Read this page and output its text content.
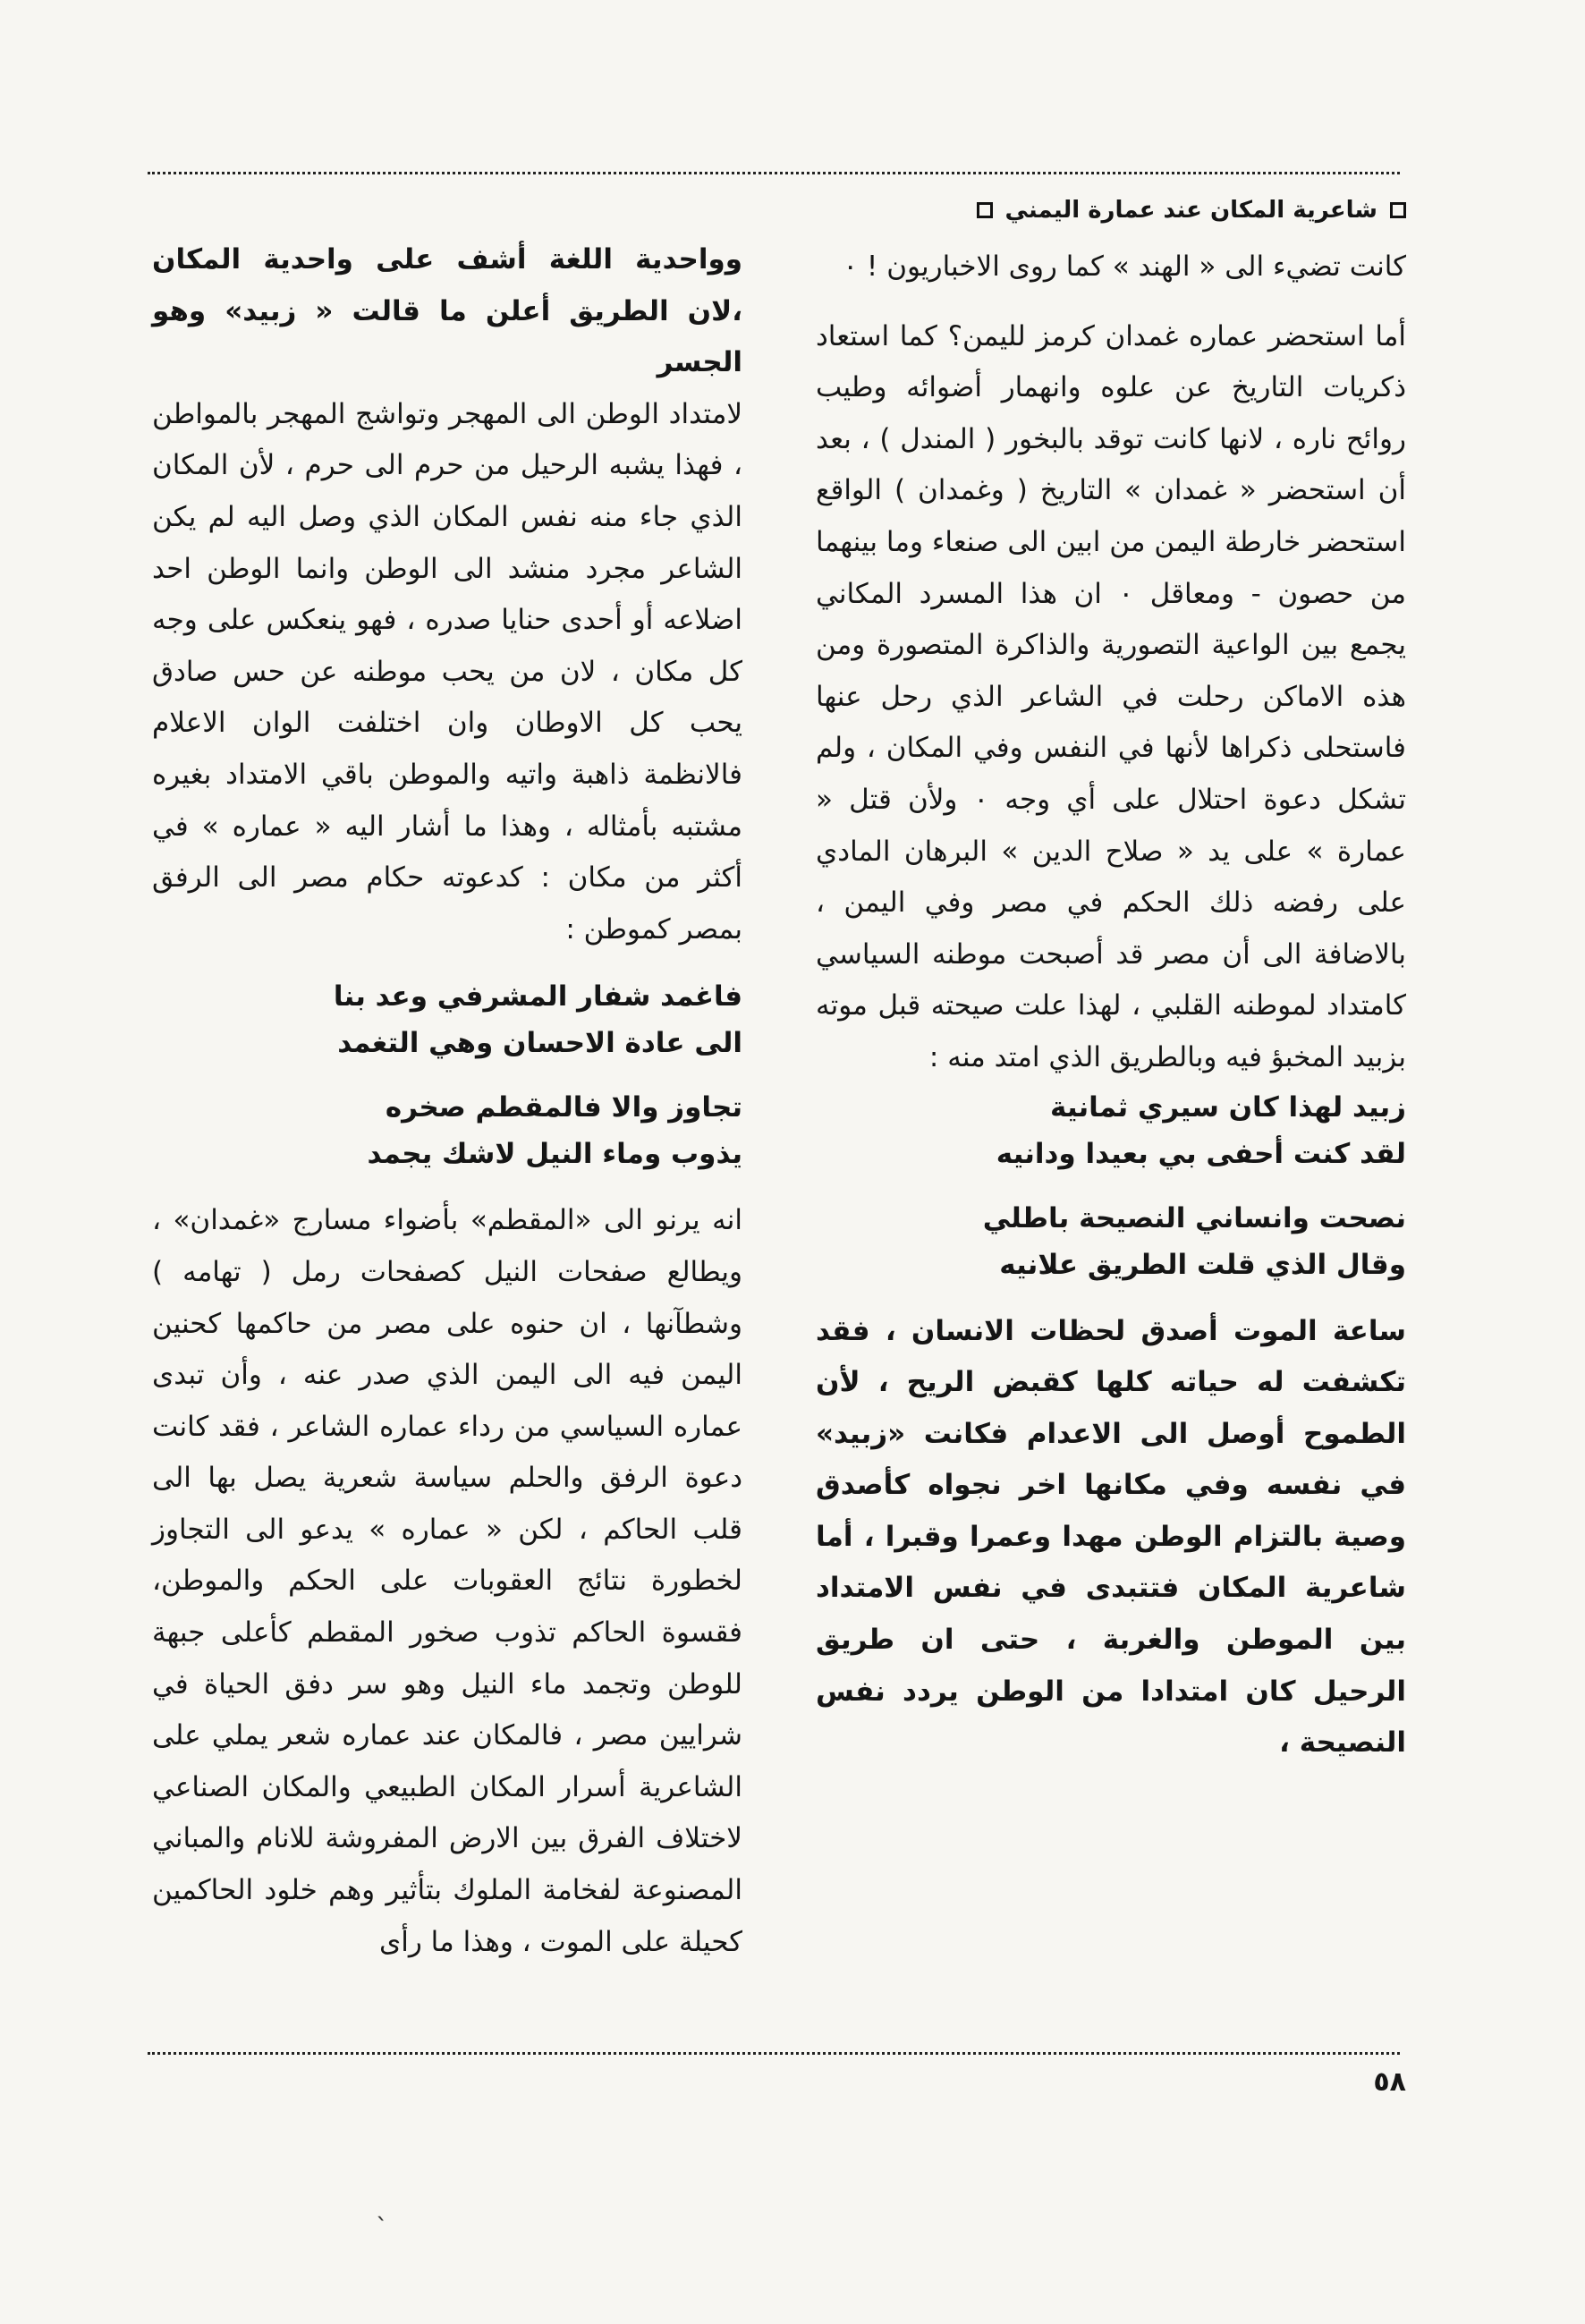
شاعرية المكان عند عمارة اليمني

كانت تضيء الى « الهند » كما روى الاخباريون ! ٠

أما استحضر عماره غمدان كرمز لليمن؟ كما استعاد ذكريات التاريخ عن علوه وانهمار أضوائه وطيب روائح ناره ، لانها كانت توقد بالبخور ( المندل ) ، بعد أن استحضر « غمدان » التاريخ ( وغمدان ) الواقع استحضر خارطة اليمن من ابين الى صنعاء وما بينهما من حصون - ومعاقل ٠ ان هذا المسرد المكاني يجمع بين الواعية التصورية والذاكرة المتصورة ومن هذه الاماكن رحلت في الشاعر الذي رحل عنها فاستحلى ذكراها لأنها في النفس وفي المكان ، ولم تشكل دعوة احتلال على أي وجه ٠ ولأن قتل « عمارة » على يد « صلاح الدين » البرهان المادي على رفضه ذلك الحكم في مصر وفي اليمن ، بالاضافة الى أن مصر قد أصبحت موطنه السياسي كامتداد لموطنه القلبي ، لهذا علت صيحته قبل موته بزبيد المخبؤ فيه وبالطريق الذي امتد منه :

زبيد لهذا كان سيري ثمانية

لقد كنت أحفى بي بعيدا ودانيه

نصحت وانساني النصيحة باطلي

وقال الذي قلت الطريق علانيه

ساعة الموت أصدق لحظات الانسان ، فقد تكشفت له حياته كلها كقبض الريح ، لأن الطموح أوصل الى الاعدام فكانت «زبيد» في نفسه وفي مكانها اخر نجواه كأصدق وصية بالتزام الوطن مهدا وعمرا وقبرا ، أما شاعرية المكان فتتبدى في نفس الامتداد بين الموطن والغربة ، حتى ان طريق الرحيل كان امتدادا من الوطن يردد نفس النصيحة ،

وواحدية اللغة أشف على واحدية المكان ،لان الطريق أعلن ما قالت « زبيد» وهو الجسر

لامتداد الوطن الى المهجر وتواشج المهجر بالمواطن ، فهذا يشبه الرحيل من حرم الى حرم ، لأن المكان الذي جاء منه نفس المكان الذي وصل اليه لم يكن الشاعر مجرد منشد الى الوطن وانما الوطن احد اضلاعه أو أحدى حنايا صدره ، فهو ينعكس على وجه كل مكان ، لان من يحب موطنه عن حس صادق يحب كل الاوطان وان اختلفت الوان الاعلام فالانظمة ذاهبة واتيه والموطن باقي الامتداد بغيره مشتبه بأمثاله ، وهذا ما أشار اليه « عماره » في أكثر من مكان : كدعوته حكام مصر الى الرفق بمصر كموطن :

فاغمد شفار المشرفي وعد بنا

الى عادة الاحسان وهي التغمد

تجاوز والا فالمقطم صخره

يذوب وماء النيل لاشك يجمد

انه يرنو الى «المقطم» بأضواء مسارج «غمدان» ، ويطالع صفحات النيل كصفحات رمل ( تهامه ) وشطآنها ، ان حنوه على مصر من حاكمها كحنين اليمن فيه الى اليمن الذي صدر عنه ، وأن تبدى عماره السياسي من رداء عماره الشاعر ، فقد كانت دعوة الرفق والحلم سياسة شعرية يصل بها الى قلب الحاكم ، لكن « عماره » يدعو الى التجاوز لخطورة نتائج العقوبات على الحكم والموطن، فقسوة الحاكم تذوب صخور المقطم كأعلى جبهة للوطن وتجمد ماء النيل وهو سر دفق الحياة في شرايين مصر ، فالمكان عند عماره شعر يملي على الشاعرية أسرار المكان الطبيعي والمكان الصناعي لاختلاف الفرق بين الارض المفروشة للانام والمباني المصنوعة لفخامة الملوك بتأثير وهم خلود الحاكمين كحيلة على الموت ، وهذا ما رأى

٥٨
ˎ
